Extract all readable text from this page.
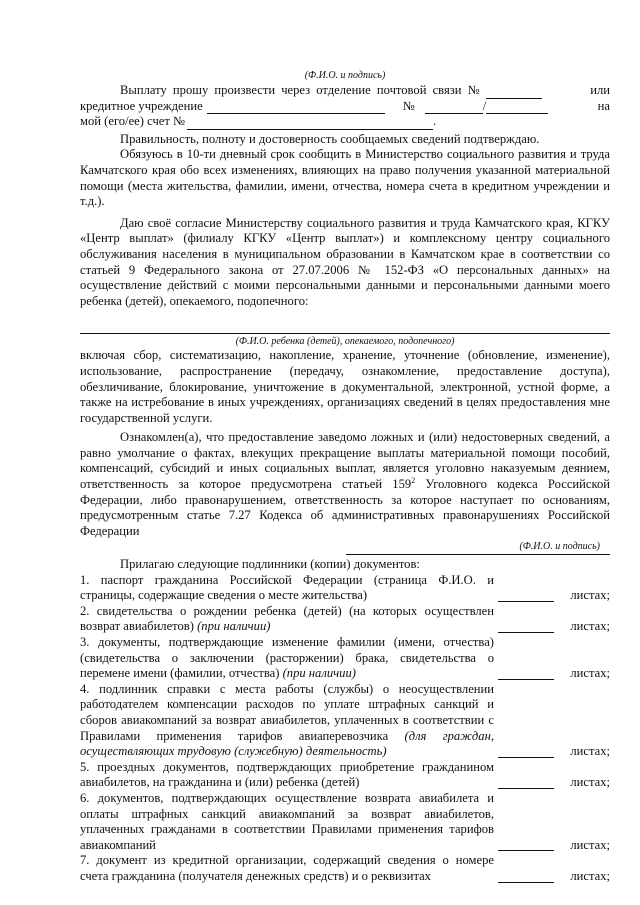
(Ф.И.О. и подпись)
Выплату прошу произвести через отделение почтовой связи №	или
кредитное учреждение	№	/	на
мой (его/ее) счет №	.
Правильность, полноту и достоверность сообщаемых сведений подтверждаю.
Обязуюсь в 10-ти дневный срок сообщить в Министерство социального развития и труда Камчатского края обо всех изменениях, влияющих на право получения указанной материальной помощи (места жительства, фамилии, имени, отчества, номера счета в кредитном учреждении и т.д.).
Даю своё согласие Министерству социального развития и труда Камчатского края, КГКУ «Центр выплат» (филиалу КГКУ «Центр выплат») и комплексному центру социального обслуживания населения в муниципальном образовании в Камчатском крае в соответствии со статьей 9 Федерального закона от 27.07.2006 № 152-ФЗ «О персональных данных» на осуществление действий с моими персональными данными и персональными данными моего ребенка (детей), опекаемого, подопечного:
(Ф.И.О. ребенка (детей), опекаемого, подопечного)
включая сбор, систематизацию, накопление, хранение, уточнение (обновление, изменение), использование, распространение (передачу, ознакомление, предоставление доступа), обезличивание, блокирование, уничтожение в документальной, электронной, устной форме, а также на истребование в иных учреждениях, организациях сведений в целях предоставления мне государственной услуги.
Ознакомлен(а), что предоставление заведомо ложных и (или) недостоверных сведений, а равно умолчание о фактах, влекущих прекращение выплаты материальной помощи пособий, компенсаций, субсидий и иных социальных выплат, является уголовно наказуемым деянием, ответственность за которое предусмотрена статьей $159^2$ Уголовного кодекса Российской Федерации, либо правонарушением, ответственность за которое наступает по основаниям, предусмотренным статье 7.27 Кодекса об административных правонарушениях Российской Федерации
(Ф.И.О. и подпись)
Прилагаю следующие подлинники (копии) документов:
1. паспорт гражданина Российской Федерации (страница Ф.И.О. и страницы, содержащие сведения о месте жительства)	листах;
2. свидетельства о рождении ребенка (детей) (на которых осуществлен возврат авиабилетов) (при наличии)	листах;
3. документы, подтверждающие изменение фамилии (имени, отчества) (свидетельства о заключении (расторжении) брака, свидетельства о перемене имени (фамилии, отчества) (при наличии)	листах;
4. подлинник справки с места работы (службы) о неосуществлении работодателем компенсации расходов по уплате штрафных санкций и сборов авиакомпаний за возврат авиабилетов, уплаченных в соответствии с Правилами применения тарифов авиаперевозчика (для граждан, осуществляющих трудовую (служебную) деятельность)	листах;
5. проездных документов, подтверждающих приобретение гражданином авиабилетов, на гражданина и (или) ребенка (детей)	листах;
6. документов, подтверждающих осуществление возврата авиабилета и оплаты штрафных санкций авиакомпаний за возврат авиабилетов, уплаченных гражданами в соответствии Правилами применения тарифов авиакомпаний	листах;
7. документ из кредитной организации, содержащий сведения о номере счета гражданина (получателя денежных средств) и о реквизитах	листах;
